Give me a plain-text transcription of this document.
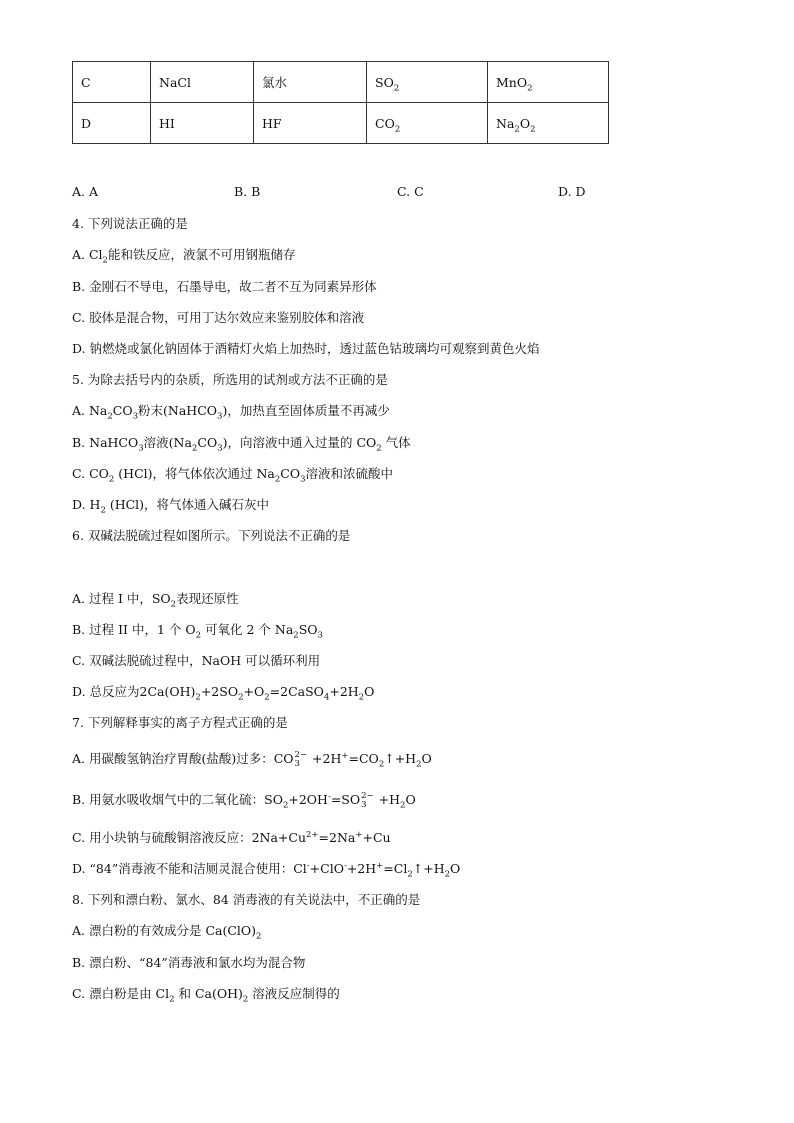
C	NaCl	氯水	$SO_2$	MnO$_2$
D	HI	HF	$CO_2$	$Na_2O_2$
A. A	B. B	C. C	D. D
4. 下列说法正确的是
A. $Cl_2$能和铁反应，液氯不可用钢瓶储存
B. 金刚石不导电，石墨导电，故二者不互为同素异形体
C. 胶体是混合物，可用丁达尔效应来鉴别胶体和溶液
D. 钠燃烧或氯化钠固体于酒精灯火焰上加热时，透过蓝色钴玻璃均可观察到黄色火焰
5. 为除去括号内的杂质，所选用的试剂或方法不正确的是
A. $Na_2CO_3$粉末(NaHCO$_3$)，加热直至固体质量不再减少
B. NaHCO$_3$溶液$(Na_2CO_3)$，向溶液中通入过量的 $CO_2$ 气体
C. $CO_2$ (HCl)，将气体依次通过 $Na_2CO_3$溶液和浓硫酸中
D. $H_2$ (HCl)，将气体通入碱石灰中
6. 双碱法脱硫过程如图所示。下列说法不正确的是
A. 过程 I 中，$SO_2$表现还原性
B. 过程 II 中，1 个 $O_2$ 可氧化 2 个 $Na_2SO_3$
C. 双碱法脱硫过程中，NaOH 可以循环利用
D. 总反应为$2Ca(OH)_2+2SO_2+O_2=2CaSO_4+2H_2O$
7. 下列解释事实的离子方程式正确的是
A. 用碳酸氢钠治疗胃酸(盐酸)过多：CO 2−
$3 +2H^+=CO_2↑+H_2O$
B. 用氨水吸收烟气中的二氧化硫：$SO_2+2OH^-=SO$ 2−
$3 +H_2O$
C. 用小块钠与硫酸铜溶液反应：$2Na+Cu^{2+}=2Na^++Cu$
D. “84”消毒液不能和洁厕灵混合使用：$Cl^-+ClO^-+2H^+=Cl_2↑+H_2O$
8. 下列和漂白粉、氯水、84 消毒液的有关说法中，不正确的是
A. 漂白粉的有效成分是 $Ca(ClO)_2$
B. 漂白粉、“84”消毒液和氯水均为混合物
C. 漂白粉是由 $Cl_2$ 和 $Ca(OH)_2$ 溶液反应制得的
